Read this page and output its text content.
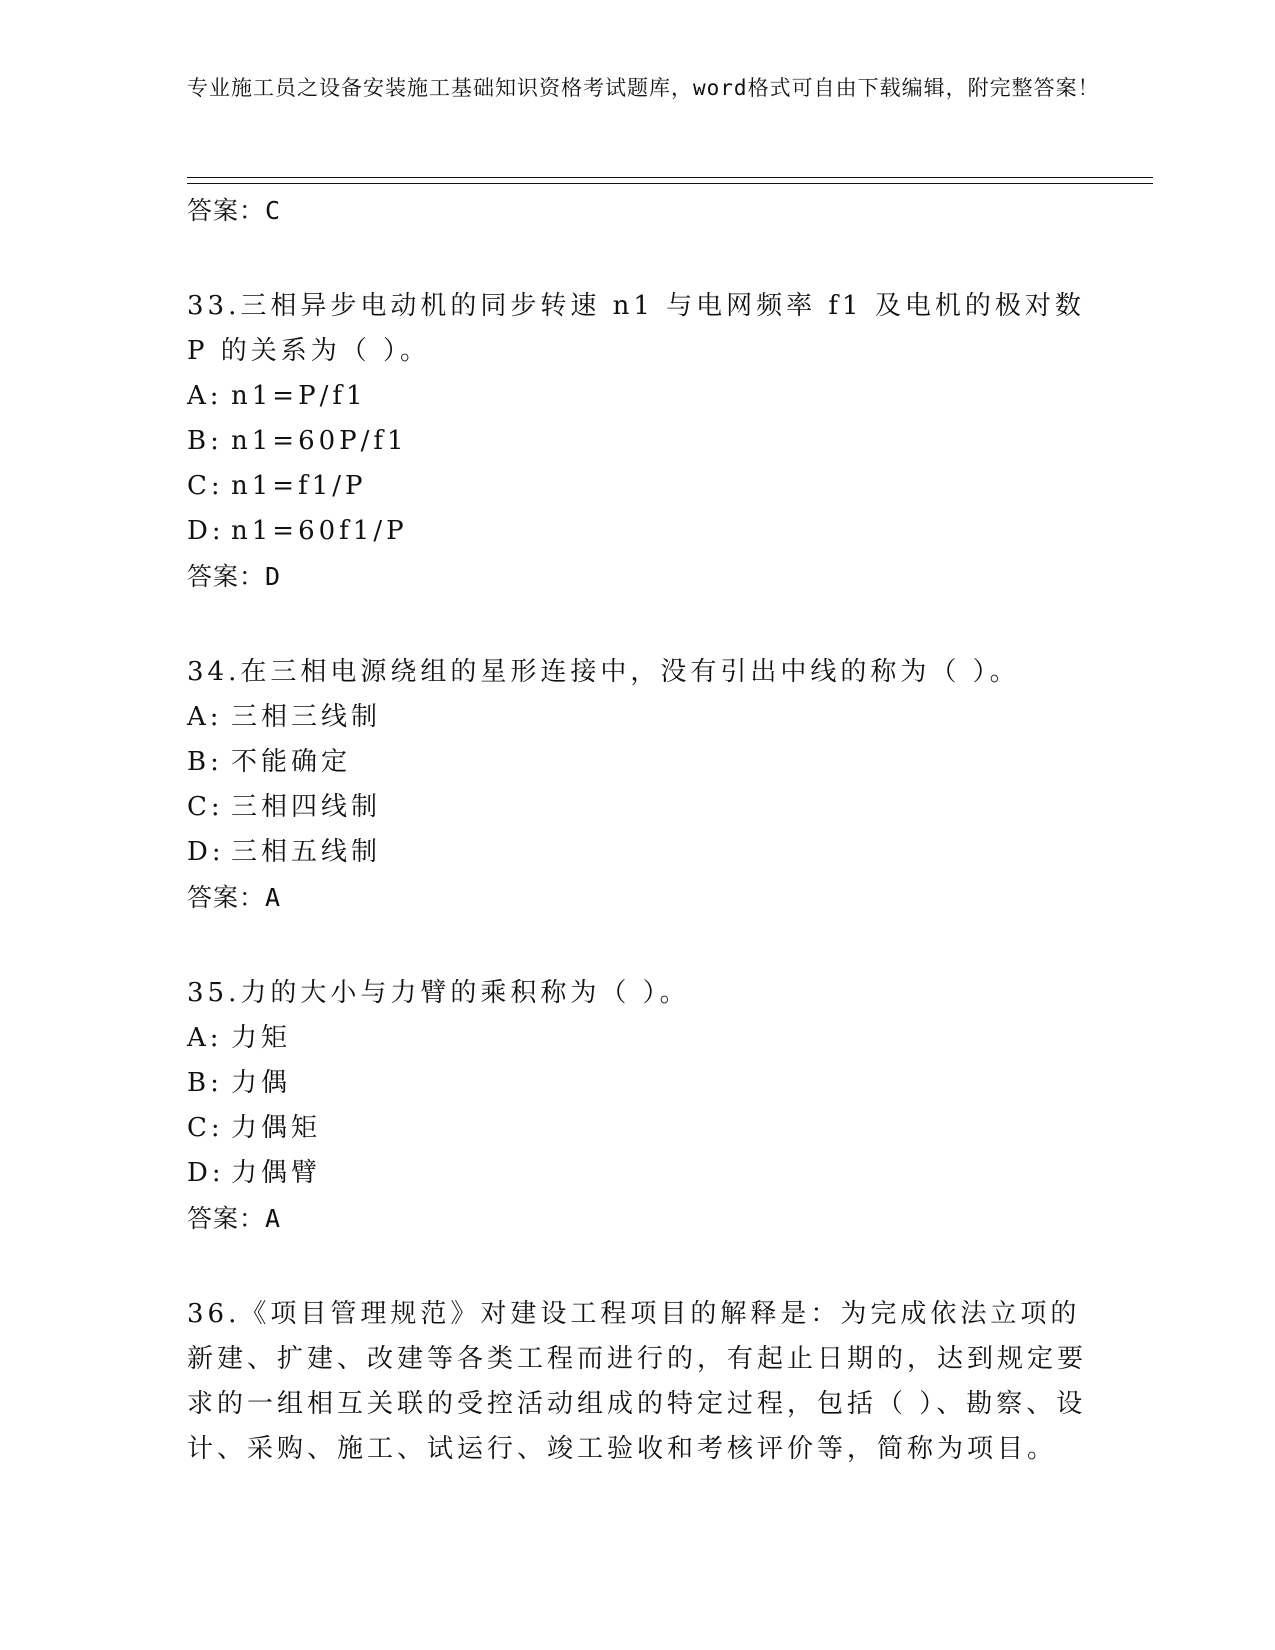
专业施工员之设备安装施工基础知识资格考试题库，word格式可自由下载编辑，附完整答案！

答案：C

33.三相异步电动机的同步转速 n1 与电网频率 f1 及电机的极对数 P 的关系为（ ）。

A: n1=P/f1

B: n1=60P/f1

C: n1=f1/P

D: n1=60f1/P

答案：D

34.在三相电源绕组的星形连接中，没有引出中线的称为（ ）。

A: 三相三线制

B: 不能确定

C: 三相四线制

D: 三相五线制

答案：A

35.力的大小与力臂的乘积称为（ ）。

A: 力矩

B: 力偶

C: 力偶矩

D: 力偶臂

答案：A

36.《项目管理规范》对建设工程项目的解释是：为完成依法立项的新建、扩建、改建等各类工程而进行的，有起止日期的，达到规定要求的一组相互关联的受控活动组成的特定过程，包括（ ）、勘察、设计、采购、施工、试运行、竣工验收和考核评价等，简称为项目。
